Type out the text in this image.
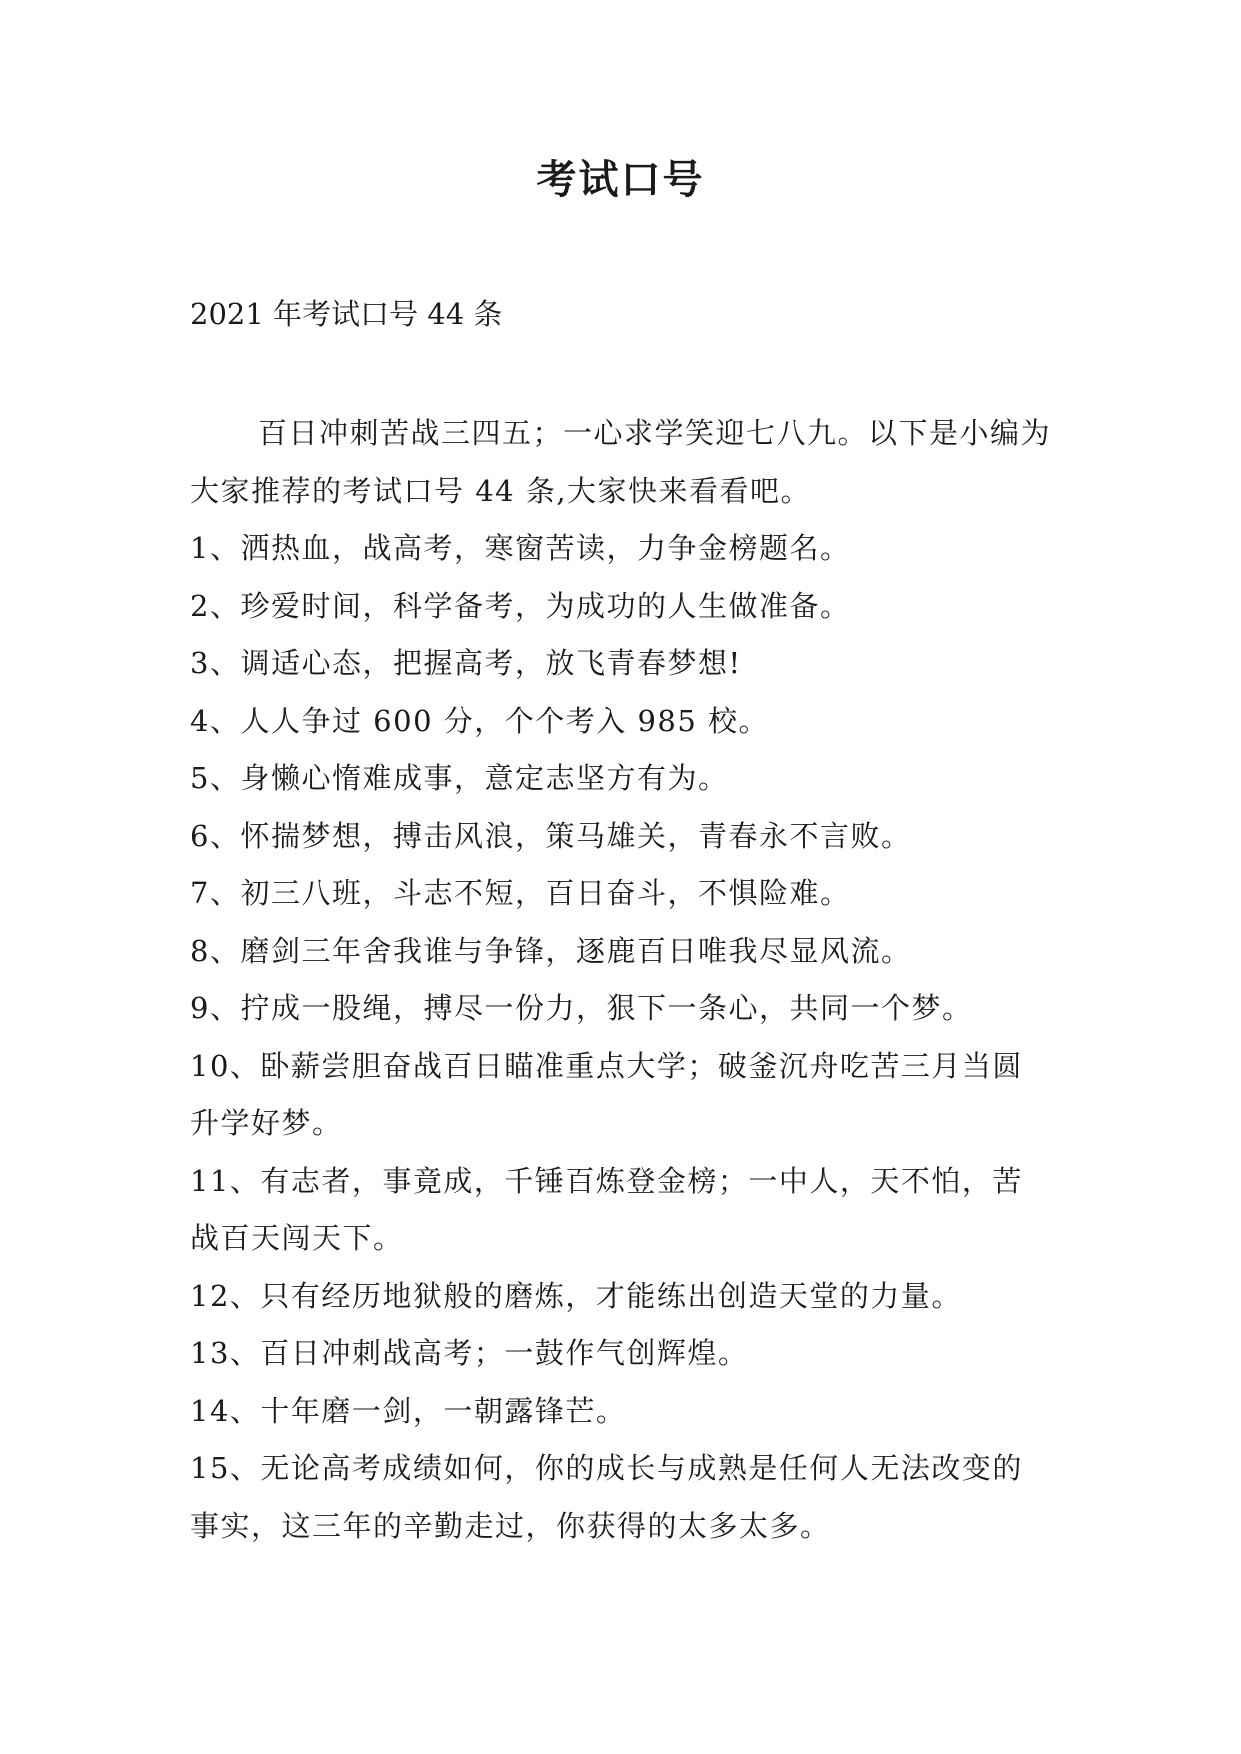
考试口号
2021 年考试口号 44 条

百日冲刺苦战三四五；一心求学笑迎七八九。以下是小编为大家推荐的考试口号 44 条,大家快来看看吧。

1、洒热血，战高考，寒窗苦读，力争金榜题名。

2、珍爱时间，科学备考，为成功的人生做准备。

3、调适心态，把握高考，放飞青春梦想!

4、人人争过 600 分，个个考入 985 校。

5、身懒心惰难成事，意定志坚方有为。

6、怀揣梦想，搏击风浪，策马雄关，青春永不言败。

7、初三八班，斗志不短，百日奋斗，不惧险难。

8、磨剑三年舍我谁与争锋，逐鹿百日唯我尽显风流。

9、拧成一股绳，搏尽一份力，狠下一条心，共同一个梦。

10、卧薪尝胆奋战百日瞄准重点大学；破釜沉舟吃苦三月当圆升学好梦。

11、有志者，事竟成，千锤百炼登金榜；一中人，天不怕，苦战百天闯天下。

12、只有经历地狱般的磨炼，才能练出创造天堂的力量。

13、百日冲刺战高考；一鼓作气创辉煌。

14、十年磨一剑，一朝露锋芒。

15、无论高考成绩如何，你的成长与成熟是任何人无法改变的事实，这三年的辛勤走过，你获得的太多太多。
